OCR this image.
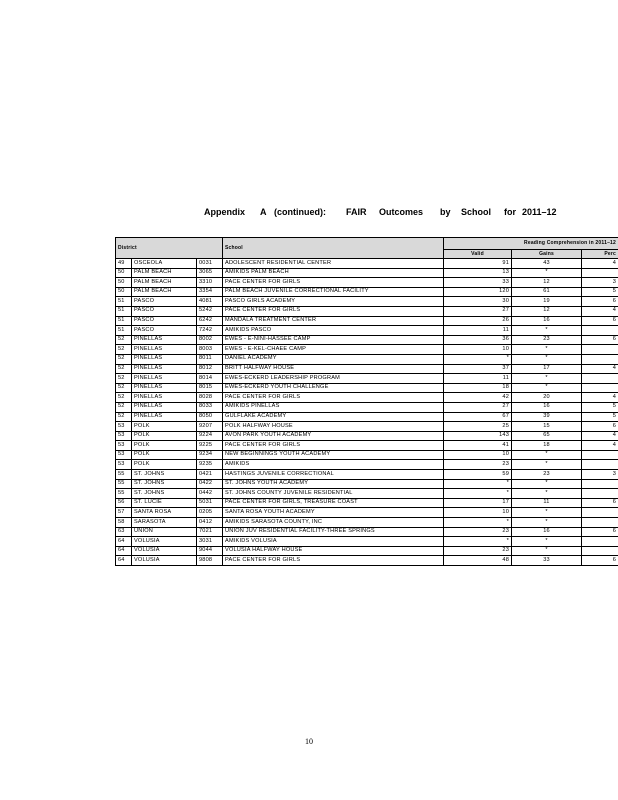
Appendix A (continued): FAIR Outcomes by School for 2011–12
District			School	Reading Comprehension in 2011–12		
				Valid	Gains	Perc
49	OSCEOLA	0031	ADOLESCENT RESIDENTIAL CENTER	91	43	4
50	PALM BEACH	3065	AMIKIDS PALM BEACH	13	*	
50	PALM BEACH	3310	PACE CENTER FOR GIRLS	33	12	3
50	PALM BEACH	3354	PALM BEACH JUVENILE CORRECTIONAL FACILITY	120	61	5
51	PASCO	4081	PASCO GIRLS ACADEMY	30	19	6
51	PASCO	5242	PACE CENTER FOR GIRLS	27	12	4
51	PASCO	6242	MANDALA TREATMENT CENTER	26	16	6
51	PASCO	7242	AMIKIDS PASCO	11	*	
52	PINELLAS	8002	EWES - E-NINI-HASSEE CAMP	36	23	6
52	PINELLAS	8003	EWES - E-KEL-CHAEE CAMP	10	*	
52	PINELLAS	8011	DANIEL ACADEMY	*	*	
52	PINELLAS	8012	BRITT HALFWAY HOUSE	37	17	4
52	PINELLAS	8014	EWES-ECKERD LEADERSHIP PROGRAM	11	*	
52	PINELLAS	8015	EWES-ECKERD YOUTH CHALLENGE	18	*	
52	PINELLAS	8028	PACE CENTER FOR GIRLS	42	20	4
52	PINELLAS	8033	AMIKIDS PINELLAS	27	16	5
52	PINELLAS	8050	GULFLAKE ACADEMY	67	39	5
53	POLK	9207	POLK HALFWAY HOUSE	25	15	6
53	POLK	9224	AVON PARK YOUTH ACADEMY	143	65	4
53	POLK	9225	PACE CENTER FOR GIRLS	41	18	4
53	POLK	9234	NEW BEGINNINGS YOUTH ACADEMY	10	*	
53	POLK	9235	AMIKIDS	23	*	
55	ST. JOHNS	0421	HASTINGS JUVENILE CORRECTIONAL	59	23	3
55	ST. JOHNS	0422	ST. JOHNS YOUTH ACADEMY	*	*	
55	ST. JOHNS	0442	ST. JOHNS COUNTY JUVENILE RESIDENTIAL	*	*	
56	ST. LUCIE	5031	PACE CENTER FOR GIRLS, TREASURE COAST	17	11	6
57	SANTA ROSA	0205	SANTA ROSA YOUTH ACADEMY	10	*	
58	SARASOTA	0412	AMIKIDS SARASOTA COUNTY, INC	*	*	
63	UNION	7021	UNION JUV RESIDENTIAL FACILITY-THREE SPRINGS	23	16	6
64	VOLUSIA	3031	AMIKIDS VOLUSIA	*	*	
64	VOLUSIA	9044	VOLUSIA HALFWAY HOUSE	23	*	
64	VOLUSIA	9808	PACE CENTER FOR GIRLS	48	33	6
10
